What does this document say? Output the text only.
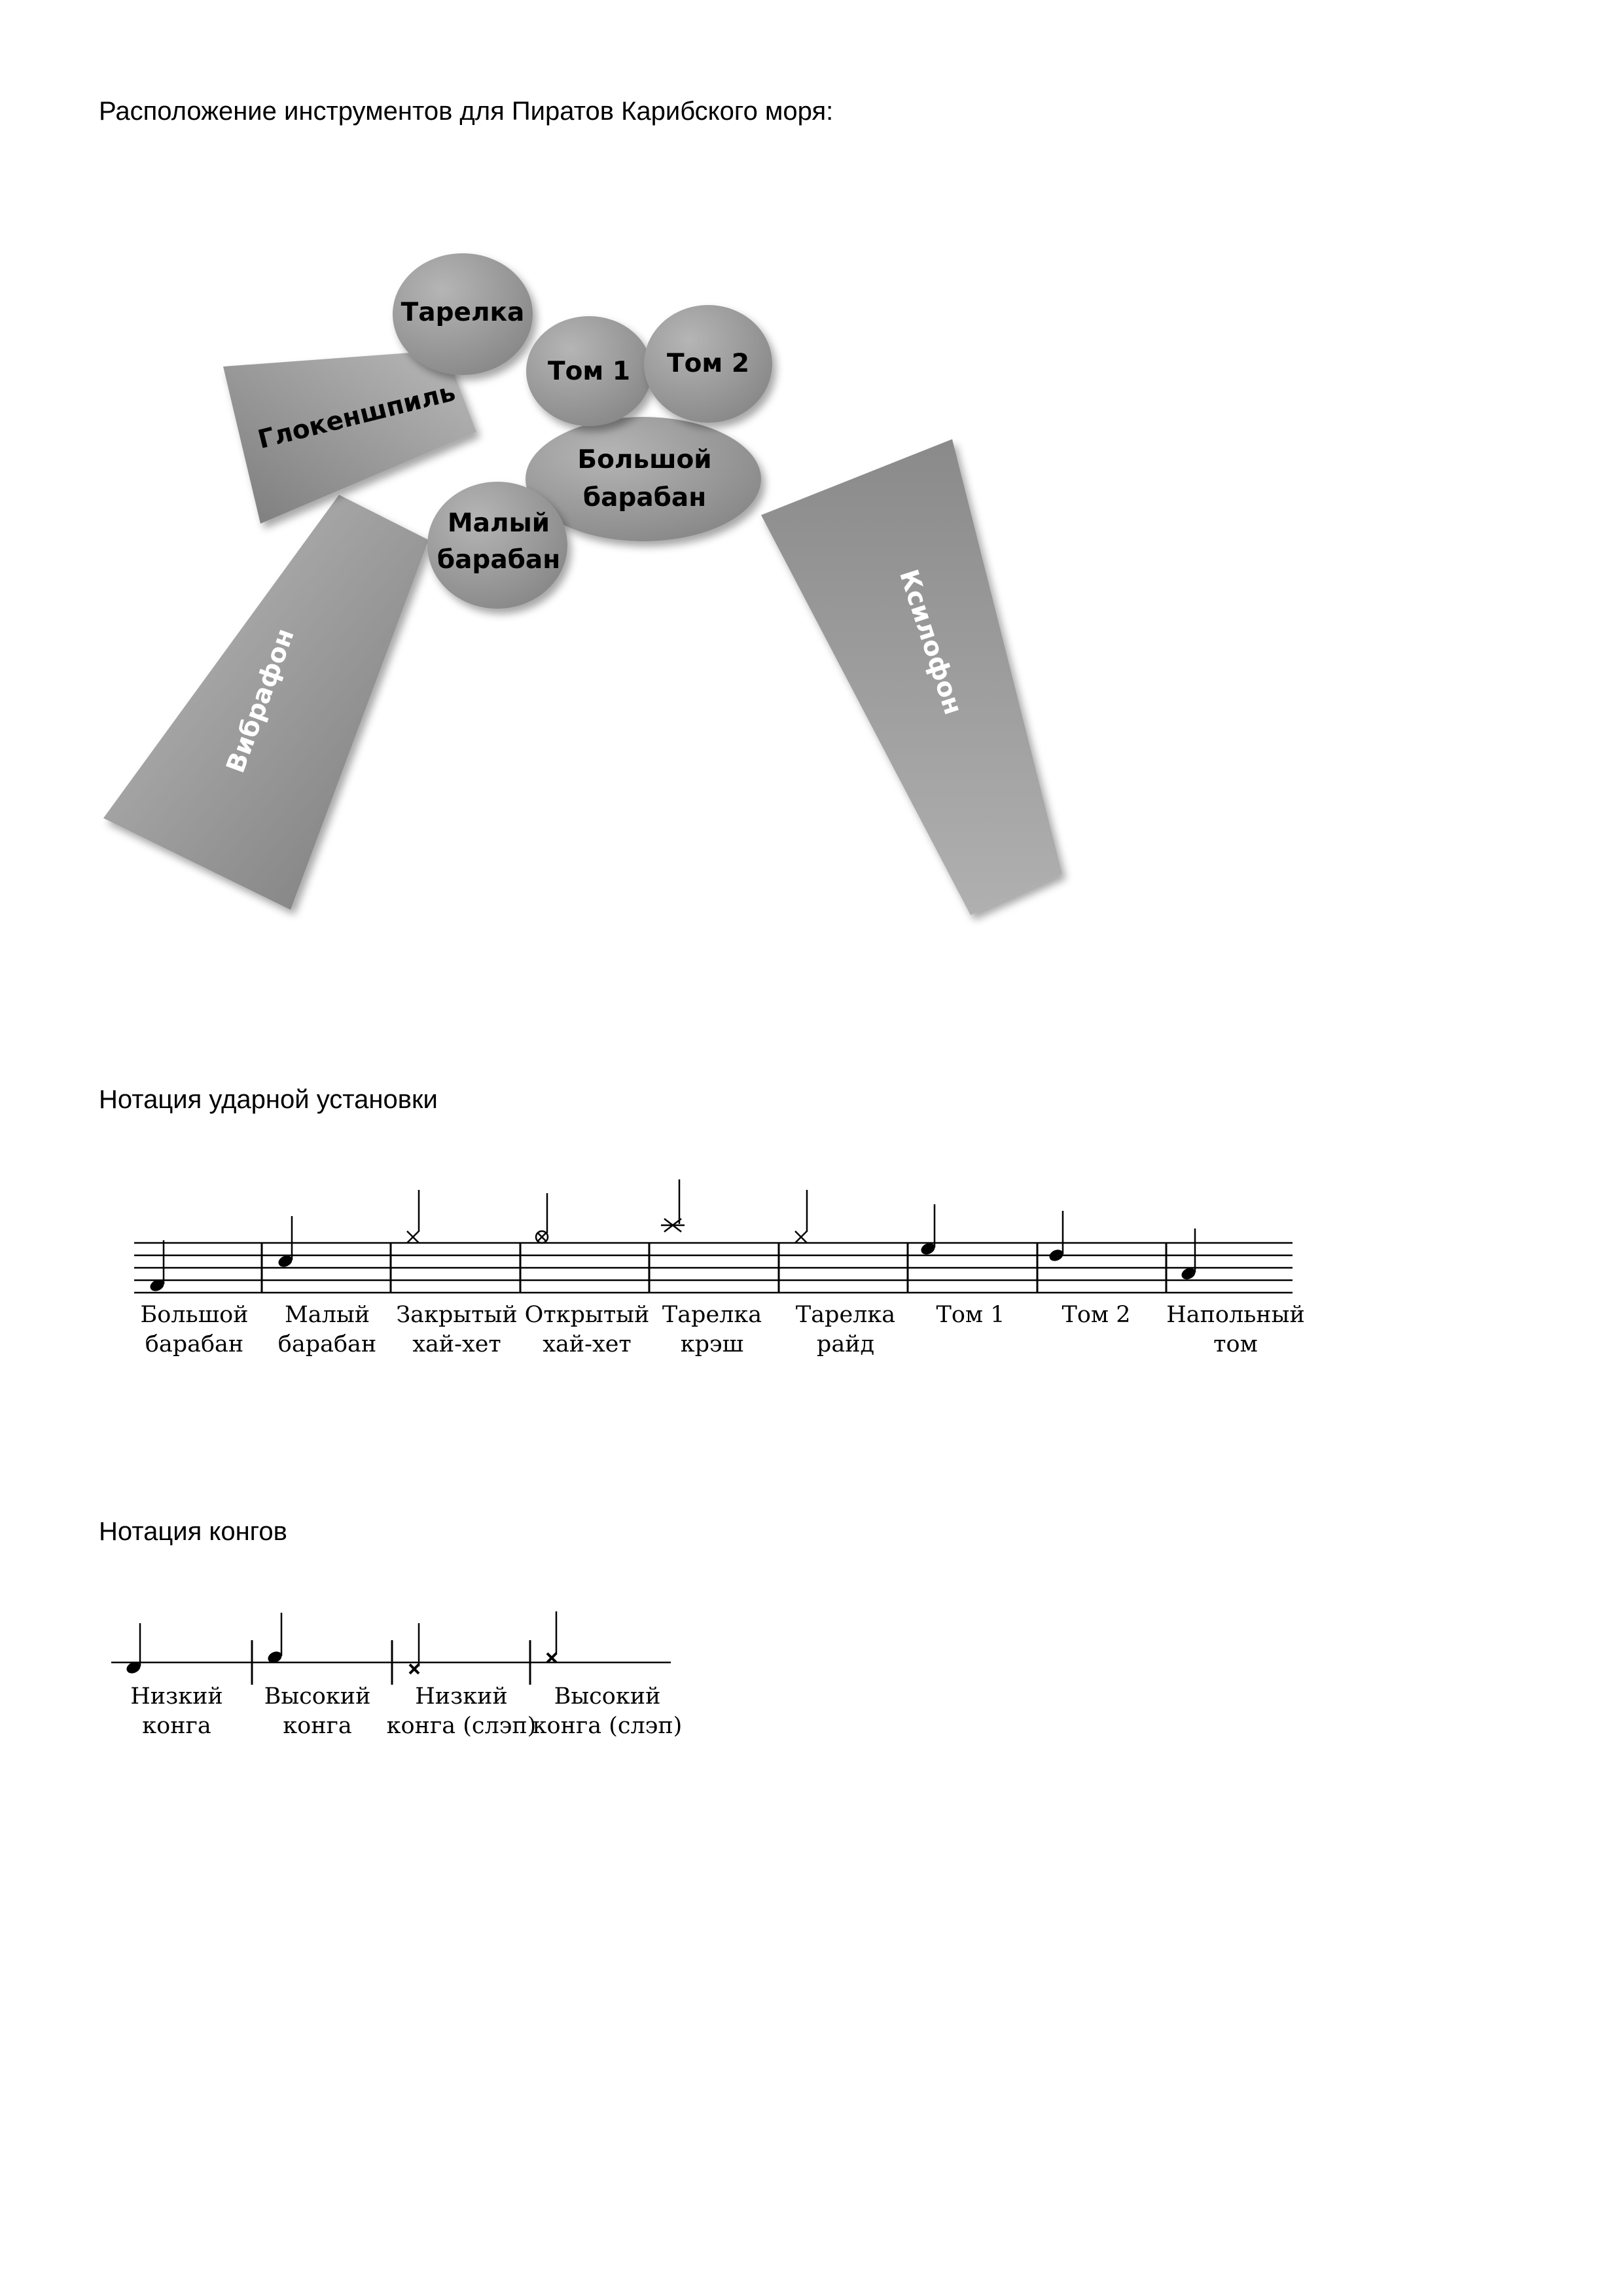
Расположение инструментов для Пиратов Карибского моря:
Нотация ударной установки
Нотация конгов
Вибрафон
Глокеншпиль
Ксилофон
Тарелка
Большой
барабан
Том 1 Том 2
Малый
барабан
Большой
барабан
Малый
барабан
Закрытый
хай-хет
Открытый
хай-хет
Тарелка
крэш
Тарелка
райд
Том 1 Том 2 Напольный
том
Низкий
конга
Высокий
конга
Низкий
конга (слэп)
Высокий
конга (слэп)
